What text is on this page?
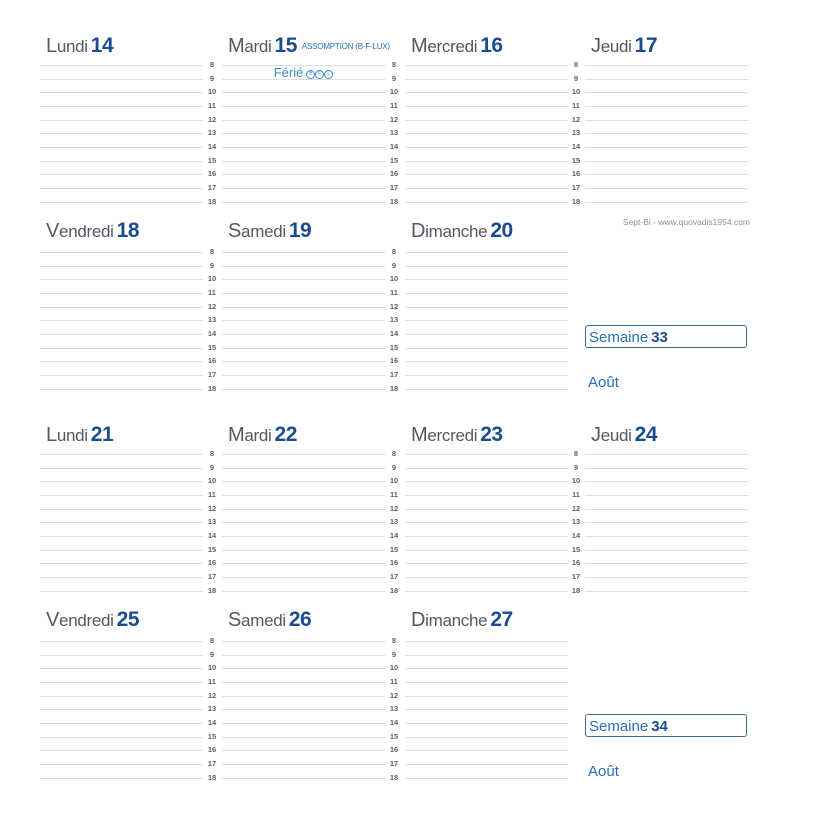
Lundi 14
8
9
10
11
12
13
14
15
16
17
18
Mardi 15 ASSOMPTION (B-F-LUX)
Férié B F L
8
9
10
11
12
13
14
15
16
17
18
Mercredi 16
8
9
10
11
12
13
14
15
16
17
18
Jeudi 17
Vendredi 18
8
9
10
11
12
13
14
15
16
17
18
Samedi 19
8
9
10
11
12
13
14
15
16
17
18
Dimanche 20
Semaine 33
Août
Lundi 21
8
9
10
11
12
13
14
15
16
17
18
Mardi 22
8
9
10
11
12
13
14
15
16
17
18
Mercredi 23
8
9
10
11
12
13
14
15
16
17
18
Jeudi 24
Vendredi 25
8
9
10
11
12
13
14
15
16
17
18
Samedi 26
8
9
10
11
12
13
14
15
16
17
18
Dimanche 27
Semaine 34
Août
Sept-Bi - www.quovadis1954.com
